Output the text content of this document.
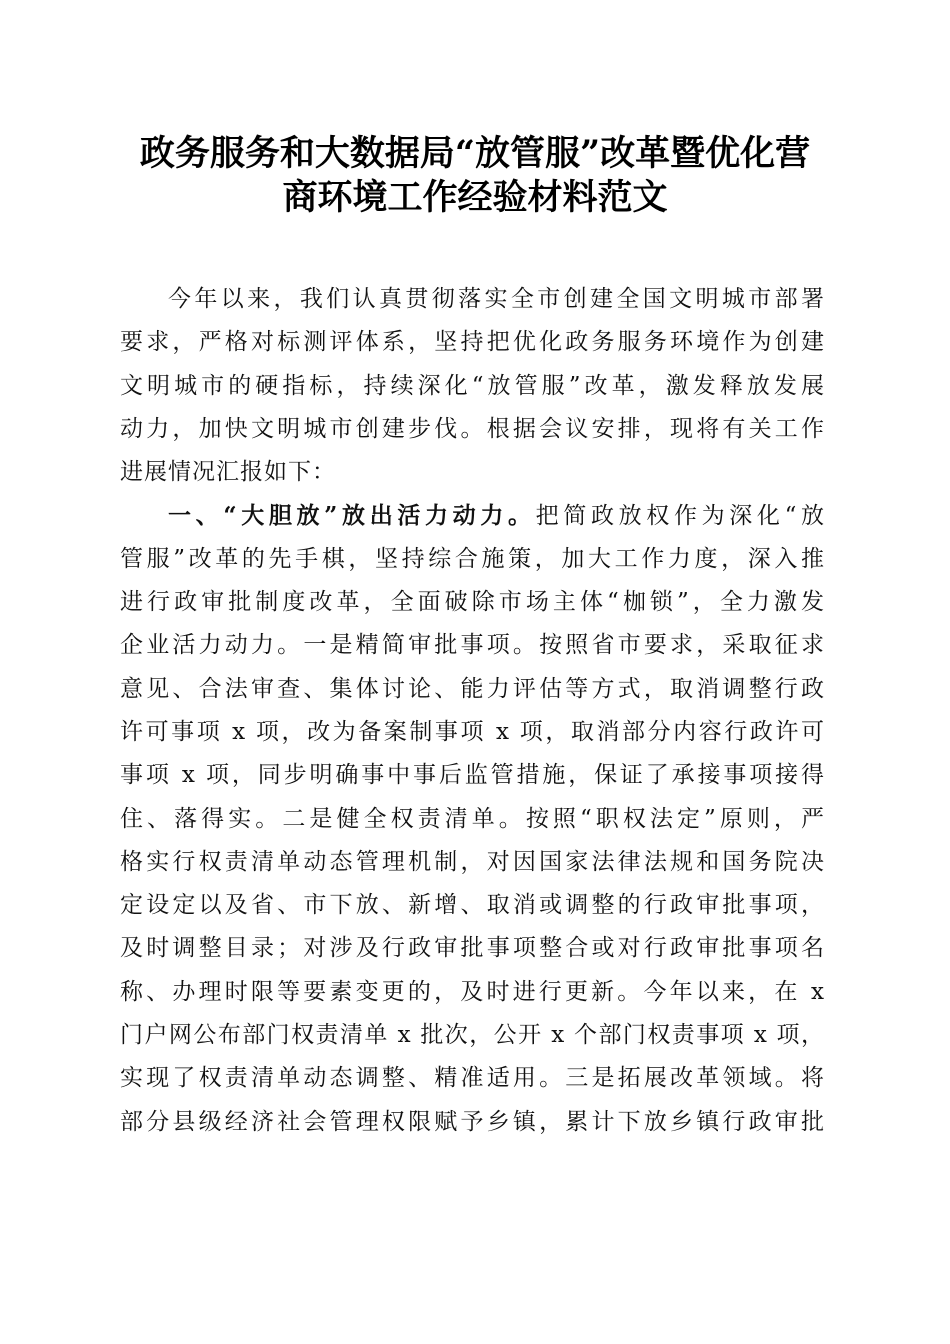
政务服务和大数据局“放管服”改革暨优化营
商环境工作经验材料范文
今年以来，我们认真贯彻落实全市创建全国文明城市部署
要求，严格对标测评体系，坚持把优化政务服务环境作为创建
文明城市的硬指标，持续深化“放管服”改革，激发释放发展
动力，加快文明城市创建步伐。根据会议安排，现将有关工作
进展情况汇报如下：
一、“大胆放”放出活力动力。把简政放权作为深化“放
管服”改革的先手棋，坚持综合施策，加大工作力度，深入推
进行政审批制度改革，全面破除市场主体“枷锁”，全力激发
企业活力动力。一是精简审批事项。按照省市要求，采取征求
意见、合法审查、集体讨论、能力评估等方式，取消调整行政
许可事项 x 项，改为备案制事项 x 项，取消部分内容行政许可
事项 x 项，同步明确事中事后监管措施，保证了承接事项接得
住、落得实。二是健全权责清单。按照“职权法定”原则，严
格实行权责清单动态管理机制，对因国家法律法规和国务院决
定设定以及省、市下放、新增、取消或调整的行政审批事项，
及时调整目录；对涉及行政审批事项整合或对行政审批事项名
称、办理时限等要素变更的，及时进行更新。今年以来，在 x
门户网公布部门权责清单 x 批次，公开 x 个部门权责事项 x 项，
实现了权责清单动态调整、精准适用。三是拓展改革领域。将
部分县级经济社会管理权限赋予乡镇，累计下放乡镇行政审批
